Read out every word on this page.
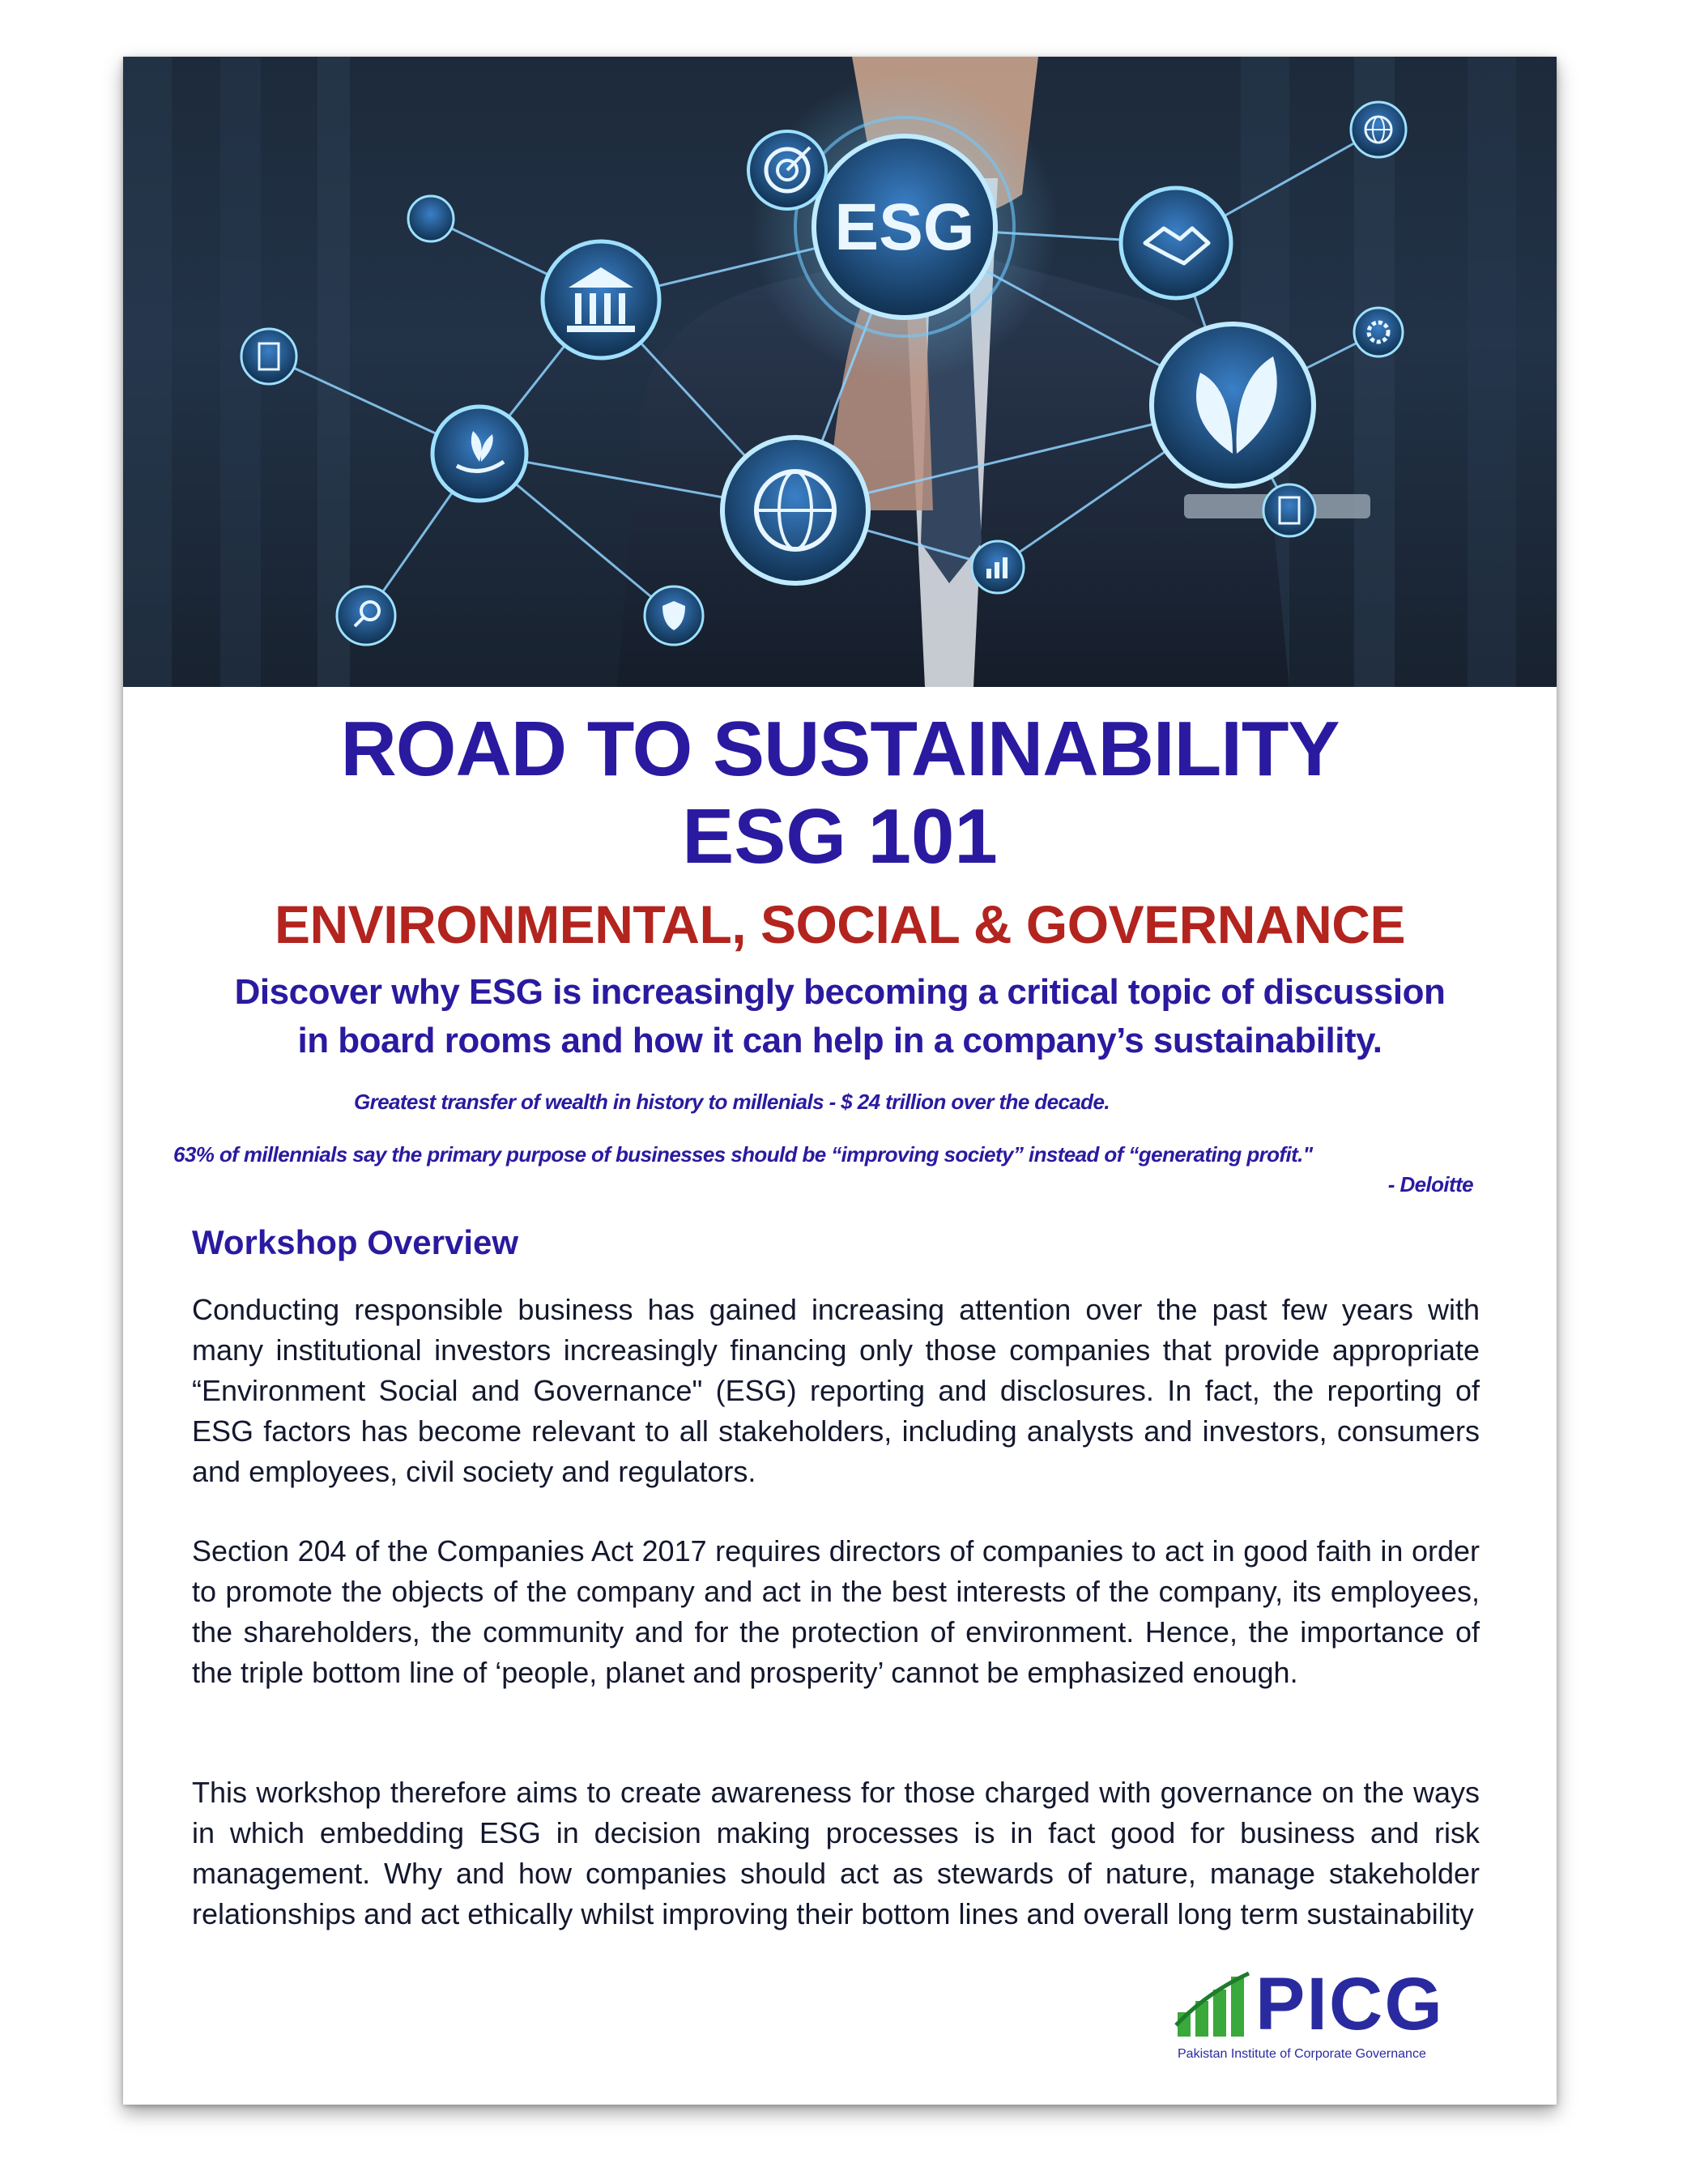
ESG
ROAD TO SUSTAINABILITY
ESG 101
ENVIRONMENTAL, SOCIAL & GOVERNANCE

Discover why ESG is increasingly becoming a critical topic of discussion
in board rooms and how it can help in a company’s sustainability.

Greatest transfer of wealth in history to millenials - $ 24 trillion over the decade.

63% of millennials say the primary purpose of businesses should be “improving society” instead of “generating profit."

- Deloitte

Workshop Overview

Conducting responsible business has gained increasing attention over the past few years with many institutional investors increasingly financing only those companies that provide appropriate “Environment Social and Governance" (ESG) reporting and disclosures. In fact, the reporting of ESG factors has become relevant to all stakeholders, including analysts and investors, consumers and employees, civil society and regulators.

Section 204 of the Companies Act 2017 requires directors of companies to act in good faith in order to promote the objects of the company and act in the best interests of the company, its employees, the shareholders, the community and for the protection of environment. Hence, the importance of the triple bottom line of ‘people, planet and prosperity’ cannot be emphasized enough.

This workshop therefore aims to create awareness for those charged with governance on the ways in which embedding ESG in decision making processes is in fact good for business and risk management. Why and how companies should act as stewards of nature, manage stakeholder relationships and act ethically whilst improving their bottom lines and overall long term sustainability

PICG
Pakistan Institute of Corporate Governance
